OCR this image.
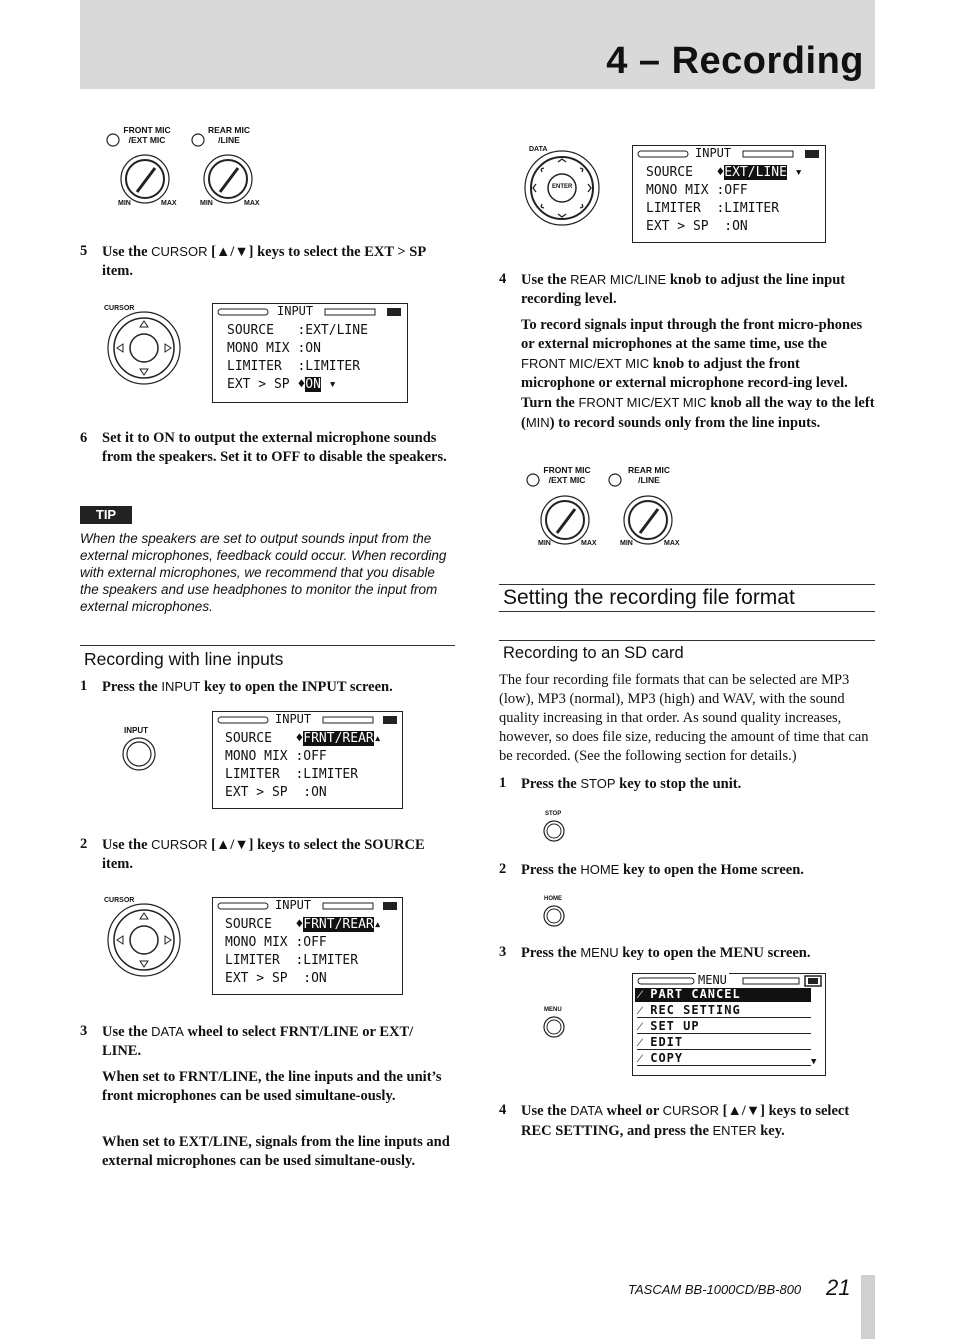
4 – Recording
FRONT MIC
/EXT MIC
REAR MIC
/LINE
MIN	MAX	MIN	MAX
5 Use the CURSOR [▲/▼] keys to select the EXT > SP item.
CURSOR	INPUT
SOURCE   :EXT/LINE
MONO MIX :ON
LIMITER  :LIMITER
EXT > SP ♦ON ▾
6 Set it to ON to output the external microphone sounds from the speakers. Set it to OFF to disable the speakers.
TIP
When the speakers are set to output sounds input from the external microphones, feedback could occur. When recording with external microphones, we recommend that you disable the speakers and use headphones to monitor the input from external microphones.
Recording with line inputs
1 Press the INPUT key to open the INPUT screen.
INPUT
INPUT
SOURCE   ♦FRNT/REAR▴
MONO MIX :OFF
LIMITER  :LIMITER
EXT > SP  :ON
2 Use the CURSOR [▲/▼] keys to select the SOURCE item.
CURSOR	INPUT
SOURCE   ♦FRNT/REAR▴
MONO MIX :OFF
LIMITER  :LIMITER
EXT > SP  :ON
3 Use the DATA wheel to select FRNT/LINE or EXT/ LINE.
When set to FRNT/LINE, the line inputs and the unit’s front microphones can be used simultane-ously.
When set to EXT/LINE, signals from the line inputs and external microphones can be used simultane-ously.
DATA
ENTER
INPUT
SOURCE   ♦EXT/LINE ▾
MONO MIX :OFF
LIMITER  :LIMITER
EXT > SP  :ON
4 Use the REAR MIC/LINE knob to adjust the line input recording level.
To record signals input through the front micro-phones or external microphones at the same time, use the FRONT MIC/EXT MIC knob to adjust the front microphone or external microphone record-ing level. Turn the FRONT MIC/EXT MIC knob all the way to the left (MIN) to record sounds only from the line inputs.
FRONT MIC
/EXT MIC
REAR MIC
/LINE
MIN	MAX	MIN	MAX
Setting the recording file format
Recording to an SD card
The four recording file formats that can be selected are MP3 (low), MP3 (normal), MP3 (high) and WAV, with the sound quality increasing in that order. As sound quality increases, however, so does file size, reducing the amount of time that can be recorded. (See the following section for details.)
1 Press the STOP key to stop the unit.
STOP
2 Press the HOME key to open the Home screen.
HOME
3 Press the MENU key to open the MENU screen.
MENU
MENU
⁄ PART CANCEL
⁄ REC SETTING
⁄ SET UP
⁄ EDIT
⁄ COPY	▼
4 Use the DATA wheel or CURSOR [▲/▼] keys to select REC SETTING, and press the ENTER key.
TASCAM BB-1000CD/BB-800 21
